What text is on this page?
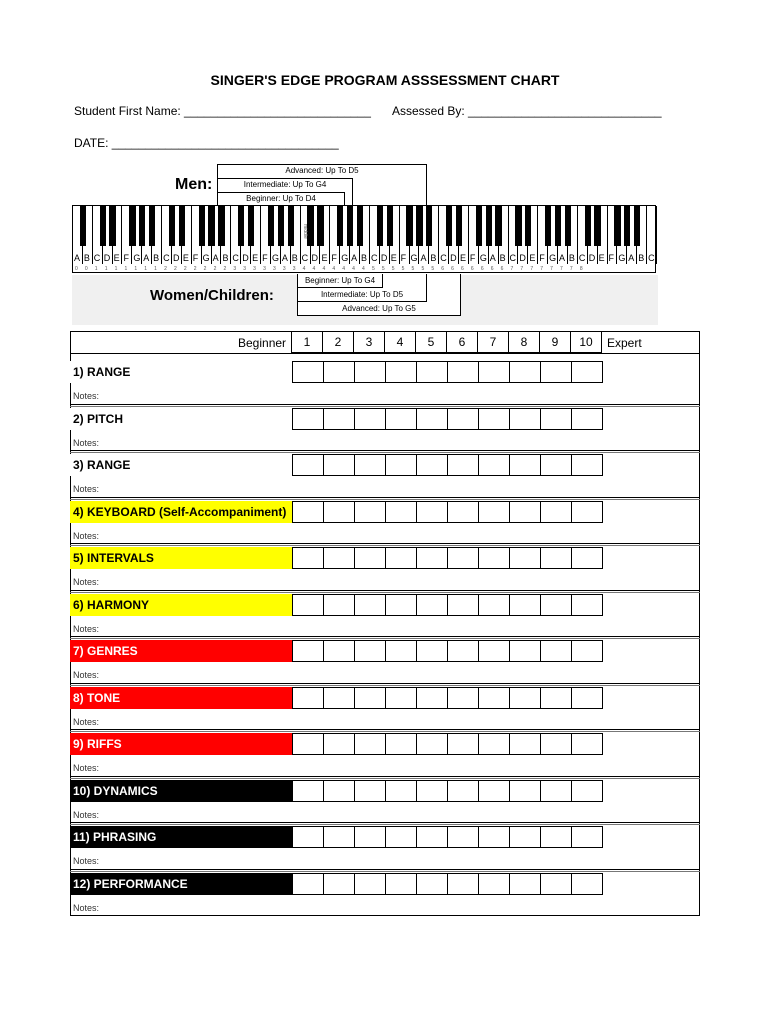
SINGER'S EDGE PROGRAM ASSSESSMENT CHART
Student First Name: ____________________________ Assessed By: _____________________________
DATE: __________________________________
Advanced: Up To D5
Intermediate: Up To G4
Beginner: Up To D4
Men:
middle
A
0
B
0
C
1
D
1
E
1
F
1
G
1
A
1
B
1
C
2
D
2
E
2
F
2
G
2
A
2
B
2
C
3
D
3
E
3
F
3
G
3
A
3
B
3
C
4
D
4
E
4
F
4
G
4
A
4
B
4
C
5
D
5
E
5
F
5
G
5
A
5
B
5
C
6
D
6
E
6
F
6
G
6
A
6
B
6
C
7
D
7
E
7
F
7
G
7
A
7
B
7
C
8
D E F G A B C
Advanced: Up To G5
Intermediate: Up To D5
Beginner: Up To G4
Women/Children:
Beginner	1	2	3	4	5	6	7	8	9	10	Expert
1) RANGE
Notes:
2) PITCH
Notes:
3) RANGE
Notes:
4) KEYBOARD (Self-Accompaniment)
Notes:
5) INTERVALS
Notes:
6) HARMONY
Notes:
7) GENRES
Notes:
8) TONE
Notes:
9) RIFFS
Notes:
10) DYNAMICS
Notes:
11) PHRASING
Notes:
12) PERFORMANCE
Notes:
